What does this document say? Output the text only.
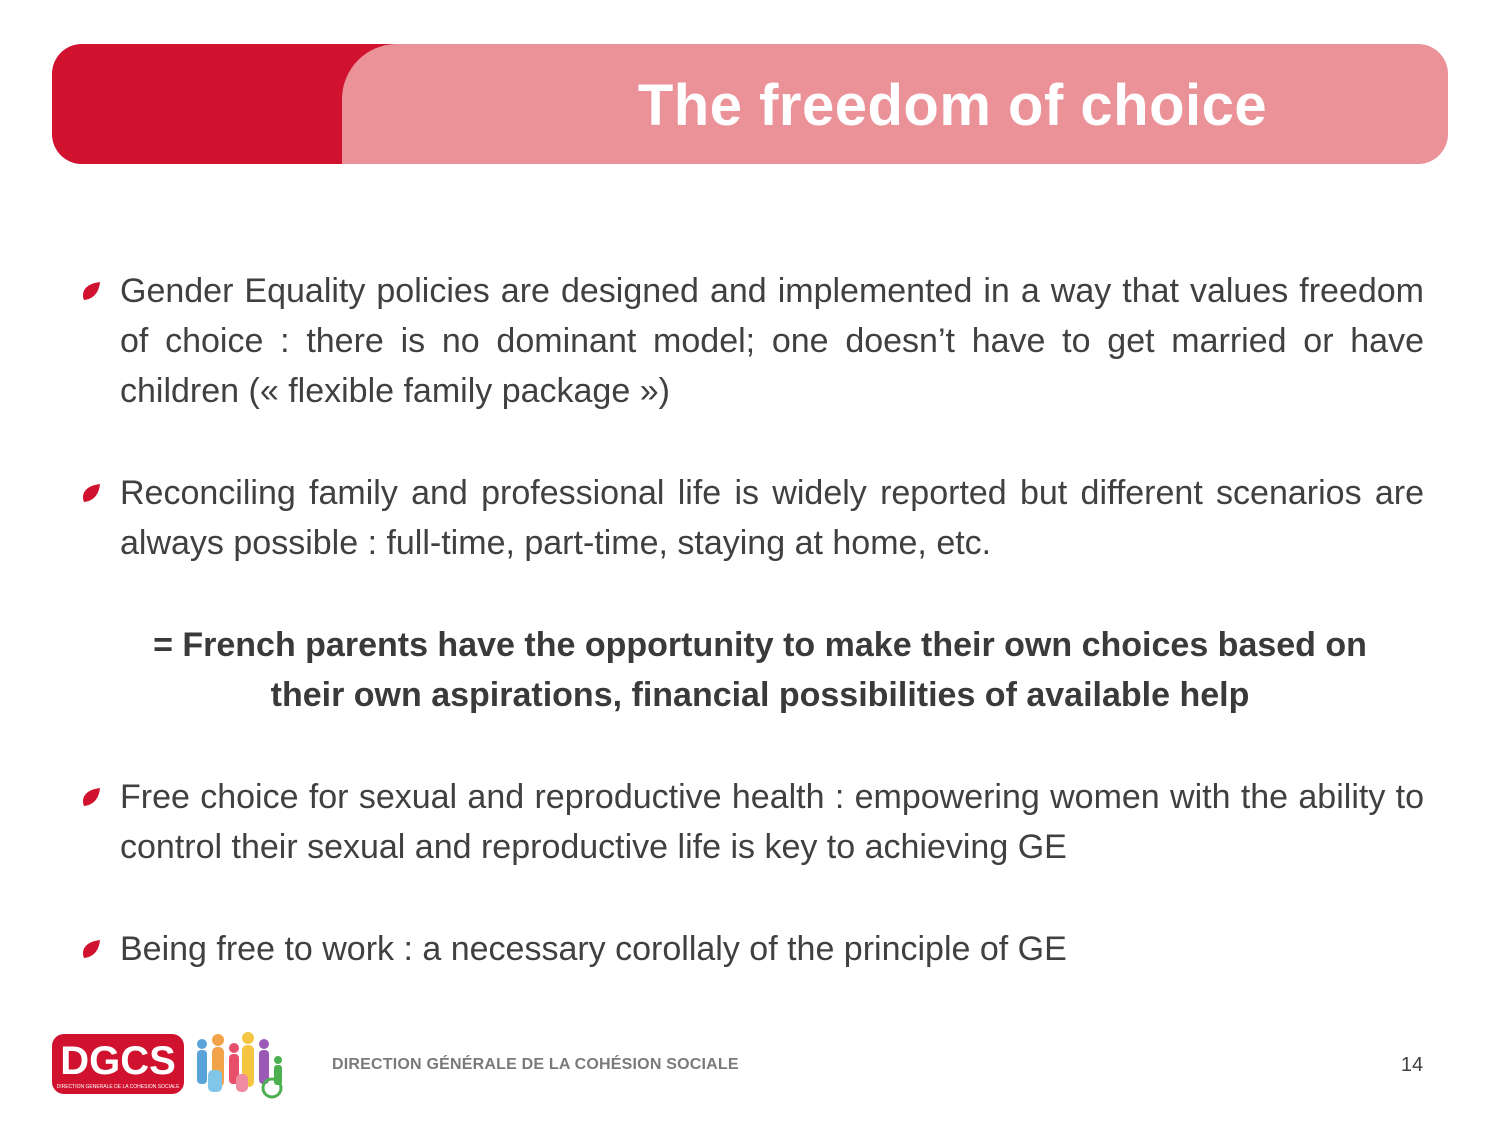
The freedom of choice
Gender Equality policies are designed and implemented in a way that values freedom of choice : there is no dominant model; one doesn’t have to get married or have children (« flexible family package »)
Reconciling family and professional life is widely reported but different scenarios are always possible : full-time, part-time, staying at home, etc.
= French parents have the opportunity to make their own choices based on
their own aspirations, financial possibilities of available help
Free choice for sexual and reproductive health : empowering women with the ability to control their sexual and reproductive life is key to achieving GE
Being free to work : a necessary corollaly of the principle of GE
DGCS
DIRECTION GÉNÉRALE DE LA COHÉSION SOCIALE
DIRECTION GÉNÉRALE DE LA COHÉSION SOCIALE	14
